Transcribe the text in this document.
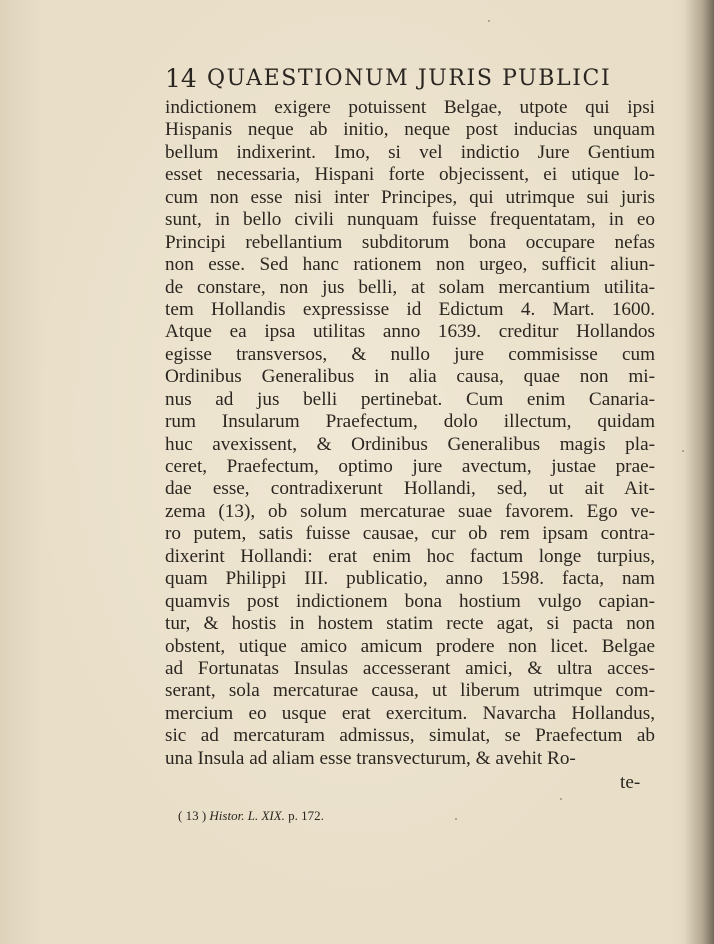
14 QUAESTIONUM JURIS PUBLICI
indictionem exigere potuissent Belgae, utpote qui ipsi
Hispanis neque ab initio, neque post inducias unquam
bellum indixerint. Imo, si vel indictio Jure Gentium
esset necessaria, Hispani forte objecissent, ei utique lo-
cum non esse nisi inter Principes, qui utrimque sui juris
sunt, in bello civili nunquam fuisse frequentatam, in eo
Principi rebellantium subditorum bona occupare nefas
non esse. Sed hanc rationem non urgeo, sufficit aliun-
de constare, non jus belli, at solam mercantium utilita-
tem Hollandis expressisse id Edictum 4. Mart. 1600.
Atque ea ipsa utilitas anno 1639. creditur Hollandos
egisse transversos, & nullo jure commisisse cum
Ordinibus Generalibus in alia causa, quae non mi-
nus ad jus belli pertinebat. Cum enim Canaria-
rum Insularum Praefectum, dolo illectum, quidam
huc avexissent, & Ordinibus Generalibus magis pla-
ceret, Praefectum, optimo jure avectum, justae prae-
dae esse, contradixerunt Hollandi, sed, ut ait Ait-
zema (13), ob solum mercaturae suae favorem. Ego ve-
ro putem, satis fuisse causae, cur ob rem ipsam contra-
dixerint Hollandi: erat enim hoc factum longe turpius,
quam Philippi III. publicatio, anno 1598. facta, nam
quamvis post indictionem bona hostium vulgo capian-
tur, & hostis in hostem statim recte agat, si pacta non
obstent, utique amico amicum prodere non licet. Belgae
ad Fortunatas Insulas accesserant amici, & ultra acces-
serant, sola mercaturae causa, ut liberum utrimque com-
mercium eo usque erat exercitum. Navarcha Hollandus,
sic ad mercaturam admissus, simulat, se Praefectum ab
una Insula ad aliam esse transvecturum, & avehit Ro-
te-
( 13 ) Histor. L. XIX. p. 172.
